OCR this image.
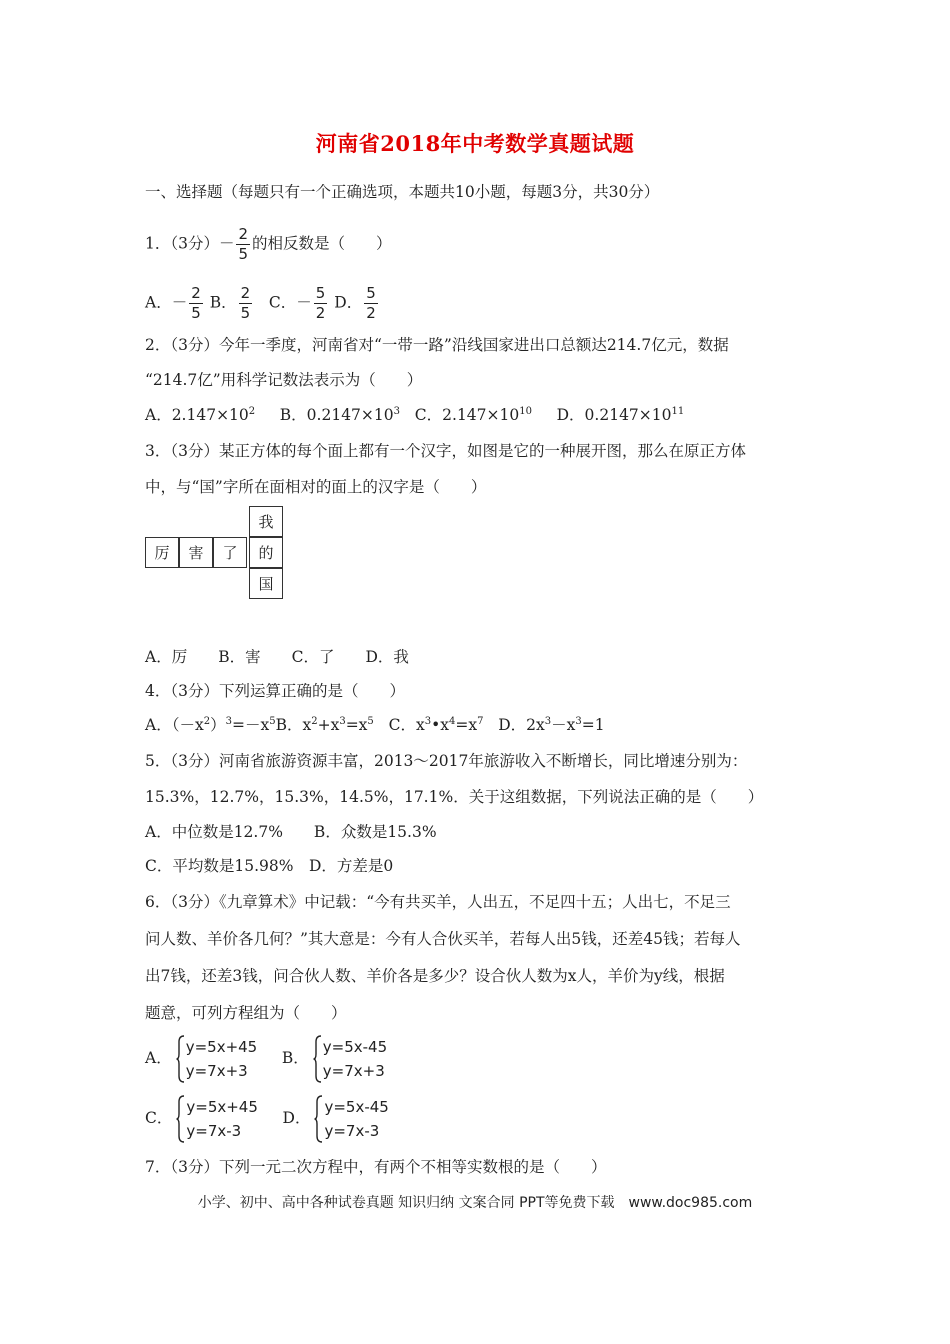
河南省2018年中考数学真题试题
一、选择题（每题只有一个正确选项，本题共10小题，每题3分，共30分）
1．（3分）－ $\frac{2}{5}$ 的相反数是（　　）
A．－ $\frac{2}{5}$ B． $\frac{2}{5}$ C．－ $\frac{5}{2}$ D． $\frac{5}{2}$
2．（3分）今年一季度，河南省对“一带一路”沿线国家进出口总额达214.7亿元，数据
“214.7亿”用科学记数法表示为（　　）
A．$2.147\times 10^2$ B．$0.2147\times 10^3$ C．$2.147\times 10^{10}$ D．$0.2147\times 10^{11}$
3．（3分）某正方体的每个面上都有一个汉字，如图是它的一种展开图，那么在原正方体
中，与“国”字所在面相对的面上的汉字是（　　）
我
厉	害	了	的
国
A．厉　　B．害　　C．了　　D．我
4．（3分）下列运算正确的是（　　）
A．$(-x^2)^3=-x^5B$．$x^2+x^3=x^5$ C．$x^3•x^4=x^7$ D．$2x^3-x^3=1$
5．（3分）河南省旅游资源丰富，2013～2017年旅游收入不断增长，同比增速分别为：
15.3%，12.7%，15.3%，14.5%，17.1%．关于这组数据，下列说法正确的是（　　）
A．中位数是12.7%　　B．众数是15.3%
C．平均数是15.98%　D．方差是0
6．（3分）《九章算术》中记载：“今有共买羊，人出五，不足四十五；人出七，不足三
问人数、羊价各几何？”其大意是：今有人合伙买羊，若每人出5钱，还差45钱；若每人
出7钱，还差3钱，问合伙人数、羊价各是多少？设合伙人数为x人，羊价为y线，根据
题意，可列方程组为（　　）
A．
y=5x+45
y=7x+3
B．
y=5x-45
y=7x+3
C．
y=5x+45
y=7x-3
D．
y=5x-45
y=7x-3
7．（3分）下列一元二次方程中，有两个不相等实数根的是（　　）
小学、初中、高中各种试卷真题 知识归纳 文案合同 PPT等免费下载　www.doc985.com
